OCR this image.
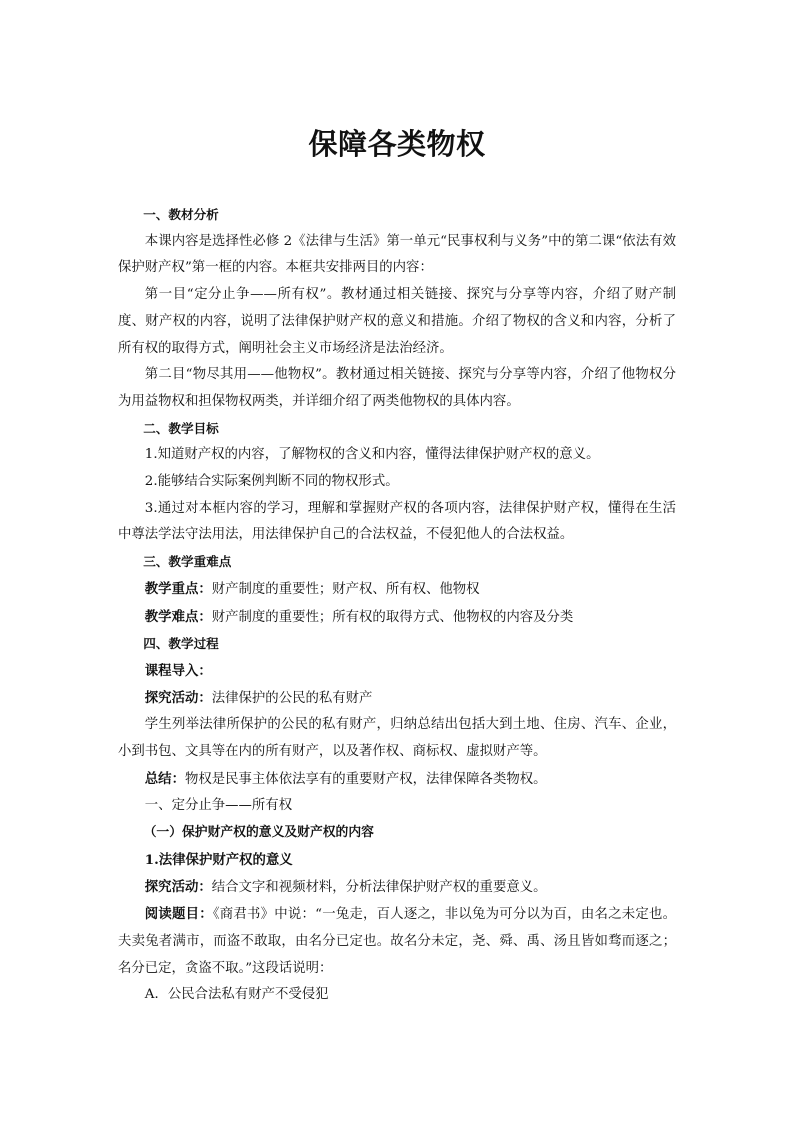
保障各类物权

一、教材分析

本课内容是选择性必修 2《法律与生活》第一单元“民事权利与义务”中的第二课“依法有效保护财产权”第一框的内容。本框共安排两目的内容：

第一目“定分止争——所有权”。教材通过相关链接、探究与分享等内容，介绍了财产制度、财产权的内容，说明了法律保护财产权的意义和措施。介绍了物权的含义和内容，分析了所有权的取得方式，阐明社会主义市场经济是法治经济。

第二目“物尽其用——他物权”。教材通过相关链接、探究与分享等内容，介绍了他物权分为用益物权和担保物权两类，并详细介绍了两类他物权的具体内容。

二、教学目标

1.知道财产权的内容，了解物权的含义和内容，懂得法律保护财产权的意义。

2.能够结合实际案例判断不同的物权形式。

3.通过对本框内容的学习，理解和掌握财产权的各项内容，法律保护财产权，懂得在生活中尊法学法守法用法，用法律保护自己的合法权益，不侵犯他人的合法权益。

三、教学重难点

教学重点：财产制度的重要性；财产权、所有权、他物权

教学难点：财产制度的重要性；所有权的取得方式、他物权的内容及分类

四、教学过程

课程导入：

探究活动：法律保护的公民的私有财产

学生列举法律所保护的公民的私有财产，归纳总结出包括大到土地、住房、汽车、企业，小到书包、文具等在内的所有财产，以及著作权、商标权、虚拟财产等。

总结：物权是民事主体依法享有的重要财产权，法律保障各类物权。

一、定分止争——所有权

（一）保护财产权的意义及财产权的内容

1.法律保护财产权的意义

探究活动：结合文字和视频材料，分析法律保护财产权的重要意义。

阅读题目：《商君书》中说：“一兔走，百人逐之，非以兔为可分以为百，由名之未定也。夫卖兔者满市，而盗不敢取，由名分已定也。故名分未定，尧、舜、禹、汤且皆如骛而逐之；名分已定，贪盗不取。”这段话说明：

A．公民合法私有财产不受侵犯
